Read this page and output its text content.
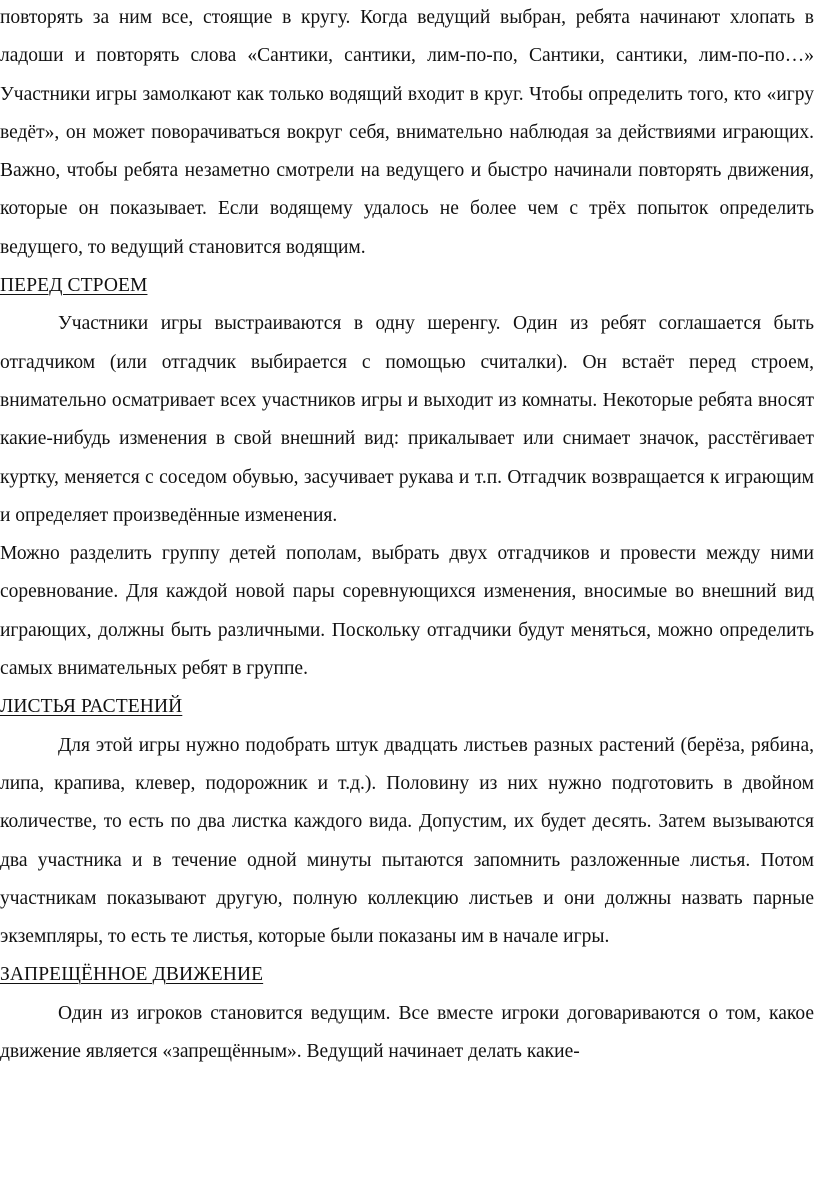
повторять за ним все, стоящие в кругу. Когда ведущий выбран, ребята начинают хлопать в ладоши и повторять слова «Сантики, сантики, лим-по-по, Сантики, сантики, лим-по-по…» Участники игры замолкают как только водящий входит в круг. Чтобы определить того, кто «игру ведёт», он может поворачиваться вокруг себя, внимательно наблюдая за действиями играющих. Важно, чтобы ребята незаметно смотрели на ведущего и быстро начинали повторять движения, которые он показывает. Если водящему удалось не более чем с трёх попыток определить ведущего, то ведущий становится водящим.

ПЕРЕД СТРОЕМ

Участники игры выстраиваются в одну шеренгу. Один из ребят соглашается быть отгадчиком (или отгадчик выбирается с помощью считалки). Он встаёт перед строем, внимательно осматривает всех участников игры и выходит из комнаты. Некоторые ребята вносят какие-нибудь изменения в свой внешний вид: прикалывает или снимает значок, расстёгивает куртку, меняется с соседом обувью, засучивает рукава и т.п. Отгадчик возвращается к играющим и определяет произведённые изменения.

Можно разделить группу детей пополам, выбрать двух отгадчиков и провести между ними соревнование. Для каждой новой пары соревнующихся изменения, вносимые во внешний вид играющих, должны быть различными. Поскольку отгадчики будут меняться, можно определить самых внимательных ребят в группе.

ЛИСТЬЯ РАСТЕНИЙ

Для этой игры нужно подобрать штук двадцать листьев разных растений (берёза, рябина, липа, крапива, клевер, подорожник и т.д.). Половину из них нужно подготовить в двойном количестве, то есть по два листка каждого вида. Допустим, их будет десять. Затем вызываются два участника и в течение одной минуты пытаются запомнить разложенные листья. Потом участникам показывают другую, полную коллекцию листьев и они должны назвать парные экземпляры, то есть те листья, которые были показаны им в начале игры.

ЗАПРЕЩЁННОЕ ДВИЖЕНИЕ

Один из игроков становится ведущим. Все вместе игроки договариваются о том, какое движение является «запрещённым». Ведущий начинает делать какие-
